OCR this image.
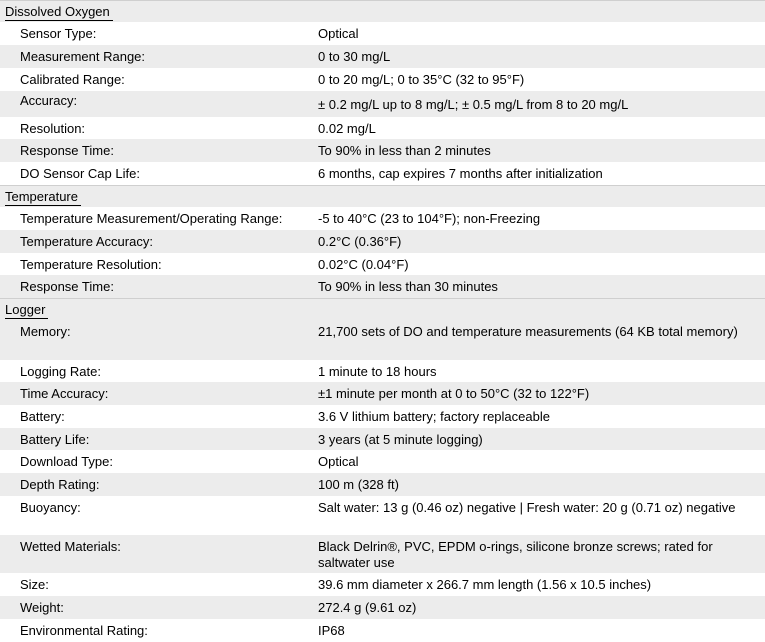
Dissolved Oxygen
Sensor Type:	Optical
Measurement Range:	0 to 30 mg/L
Calibrated Range:	0 to 20 mg/L; 0 to 35°C (32 to 95°F)
Accuracy:	± 0.2 mg/L up to 8 mg/L; ± 0.5 mg/L from 8 to 20 mg/L
Resolution:	0.02 mg/L
Response Time:	To 90% in less than 2 minutes
DO Sensor Cap Life:	6 months, cap expires 7 months after initialization
Temperature
Temperature Measurement/Operating Range:	-5 to 40°C (23 to 104°F); non-Freezing
Temperature Accuracy:	0.2°C (0.36°F)
Temperature Resolution:	0.02°C (0.04°F)
Response Time:	To 90% in less than 30 minutes
Logger
Memory:	21,700 sets of DO and temperature measurements (64 KB total memory)
Logging Rate:	1 minute to 18 hours
Time Accuracy:	±1 minute per month at 0 to 50°C (32 to 122°F)
Battery:	3.6 V lithium battery; factory replaceable
Battery Life:	3 years (at 5 minute logging)
Download Type:	Optical
Depth Rating:	100 m (328 ft)
Buoyancy:	Salt water: 13 g (0.46 oz) negative | Fresh water: 20 g (0.71 oz) negative
Wetted Materials:	Black Delrin®, PVC, EPDM o-rings, silicone bronze screws; rated for saltwater use
Size:	39.6 mm diameter x 266.7 mm length (1.56 x 10.5 inches)
Weight:	272.4 g (9.61 oz)
Environmental Rating:	IP68
